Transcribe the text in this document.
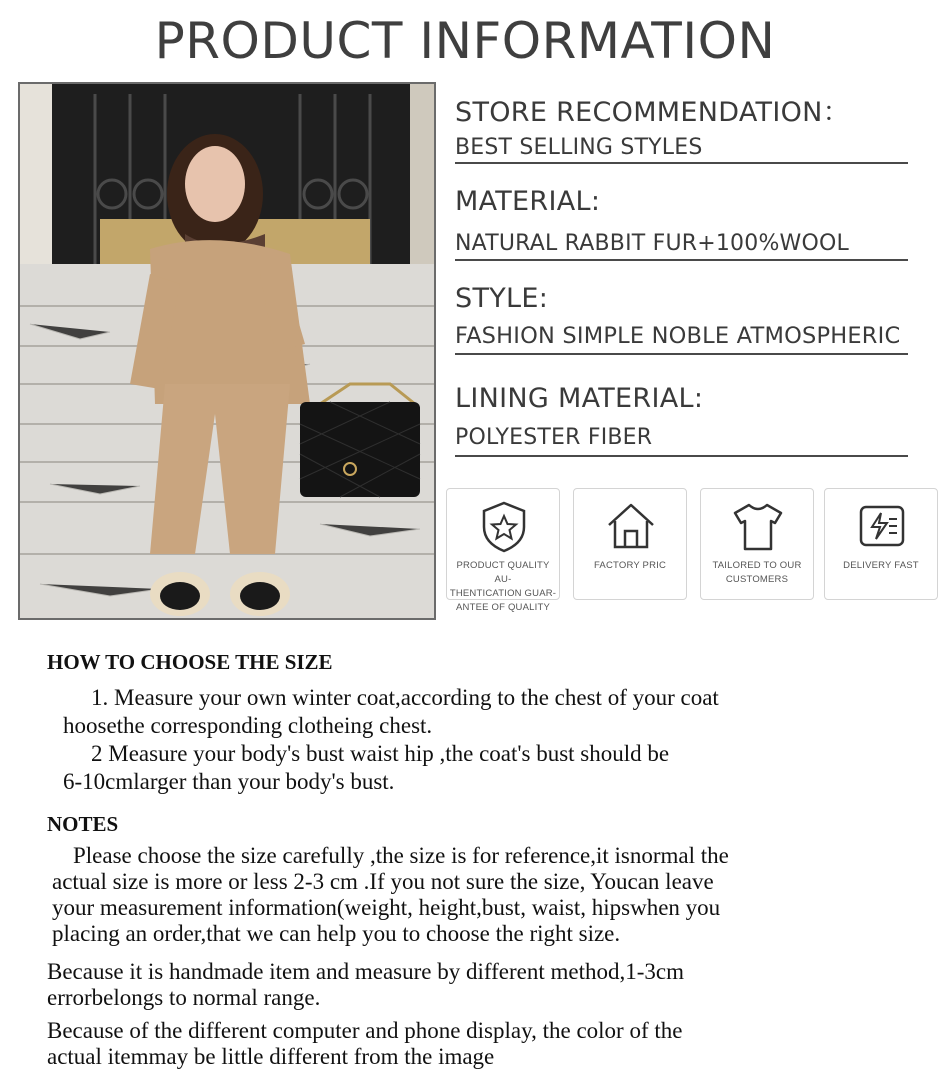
PRODUCT INFORMATION
STORE RECOMMENDATION：
BEST SELLING STYLES
MATERIAL:
NATURAL RABBIT FUR+100%WOOL
STYLE:
FASHION SIMPLE NOBLE ATMOSPHERIC
LINING MATERIAL:
POLYESTER FIBER
PRODUCT QUALITY AU-
THENTICATION GUAR-
ANTEE OF QUALITY
FACTORY PRIC	TAILORED TO OUR
CUSTOMERS
DELIVERY FAST
HOW TO CHOOSE THE SIZE
1. Measure your own winter coat,according to the chest of your coat
hoosethe corresponding clotheing chest.
2 Measure your body's bust waist hip ,the coat's bust should be
6-10cmlarger than your body's bust.
NOTES
Please choose the size carefully ,the size is for reference,it isnormal the
actual size is more or less 2-3 cm .If you not sure the size, Youcan leave
your measurement information(weight, height,bust, waist, hipswhen you
placing an order,that we can help you to choose the right size.
Because it is handmade item and measure by different method,1-3cm
errorbelongs to normal range.
Because of the different computer and phone display, the color of the
actual itemmay be little different from the image
